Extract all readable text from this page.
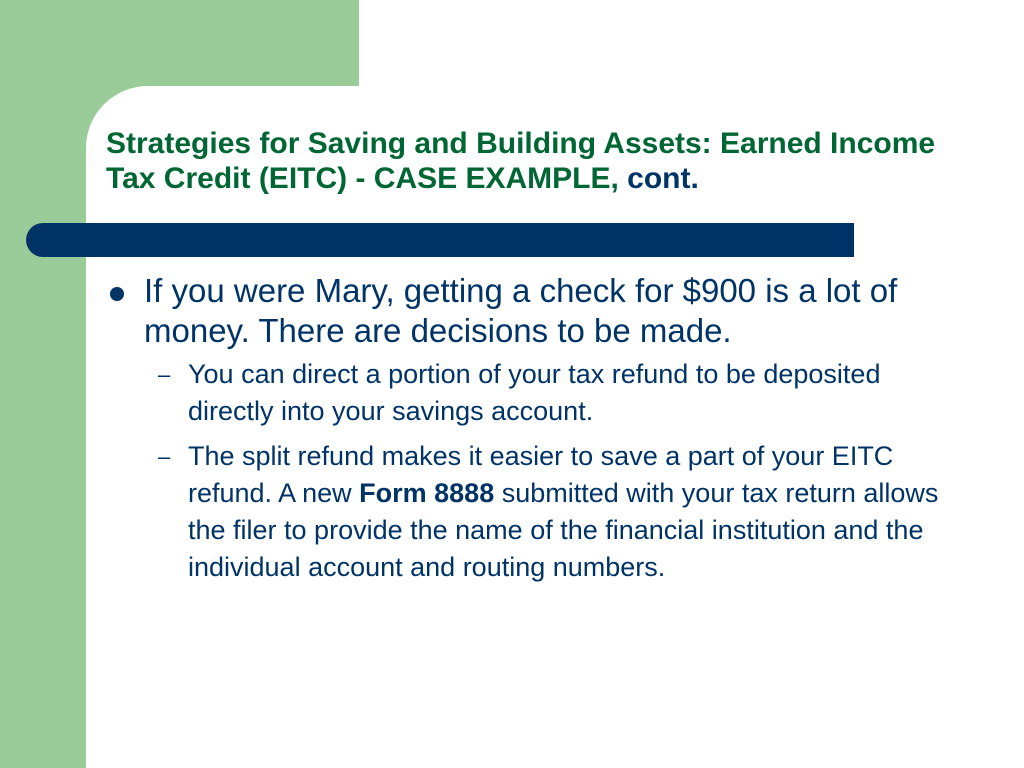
Strategies for Saving and Building Assets: Earned Income Tax Credit (EITC) - CASE EXAMPLE, cont.

If you were Mary, getting a check for $900 is a lot of money. There are decisions to be made.

– You can direct a portion of your tax refund to be deposited directly into your savings account.

– The split refund makes it easier to save a part of your EITC refund. A new Form 8888 submitted with your tax return allows the filer to provide the name of the financial institution and the individual account and routing numbers.
